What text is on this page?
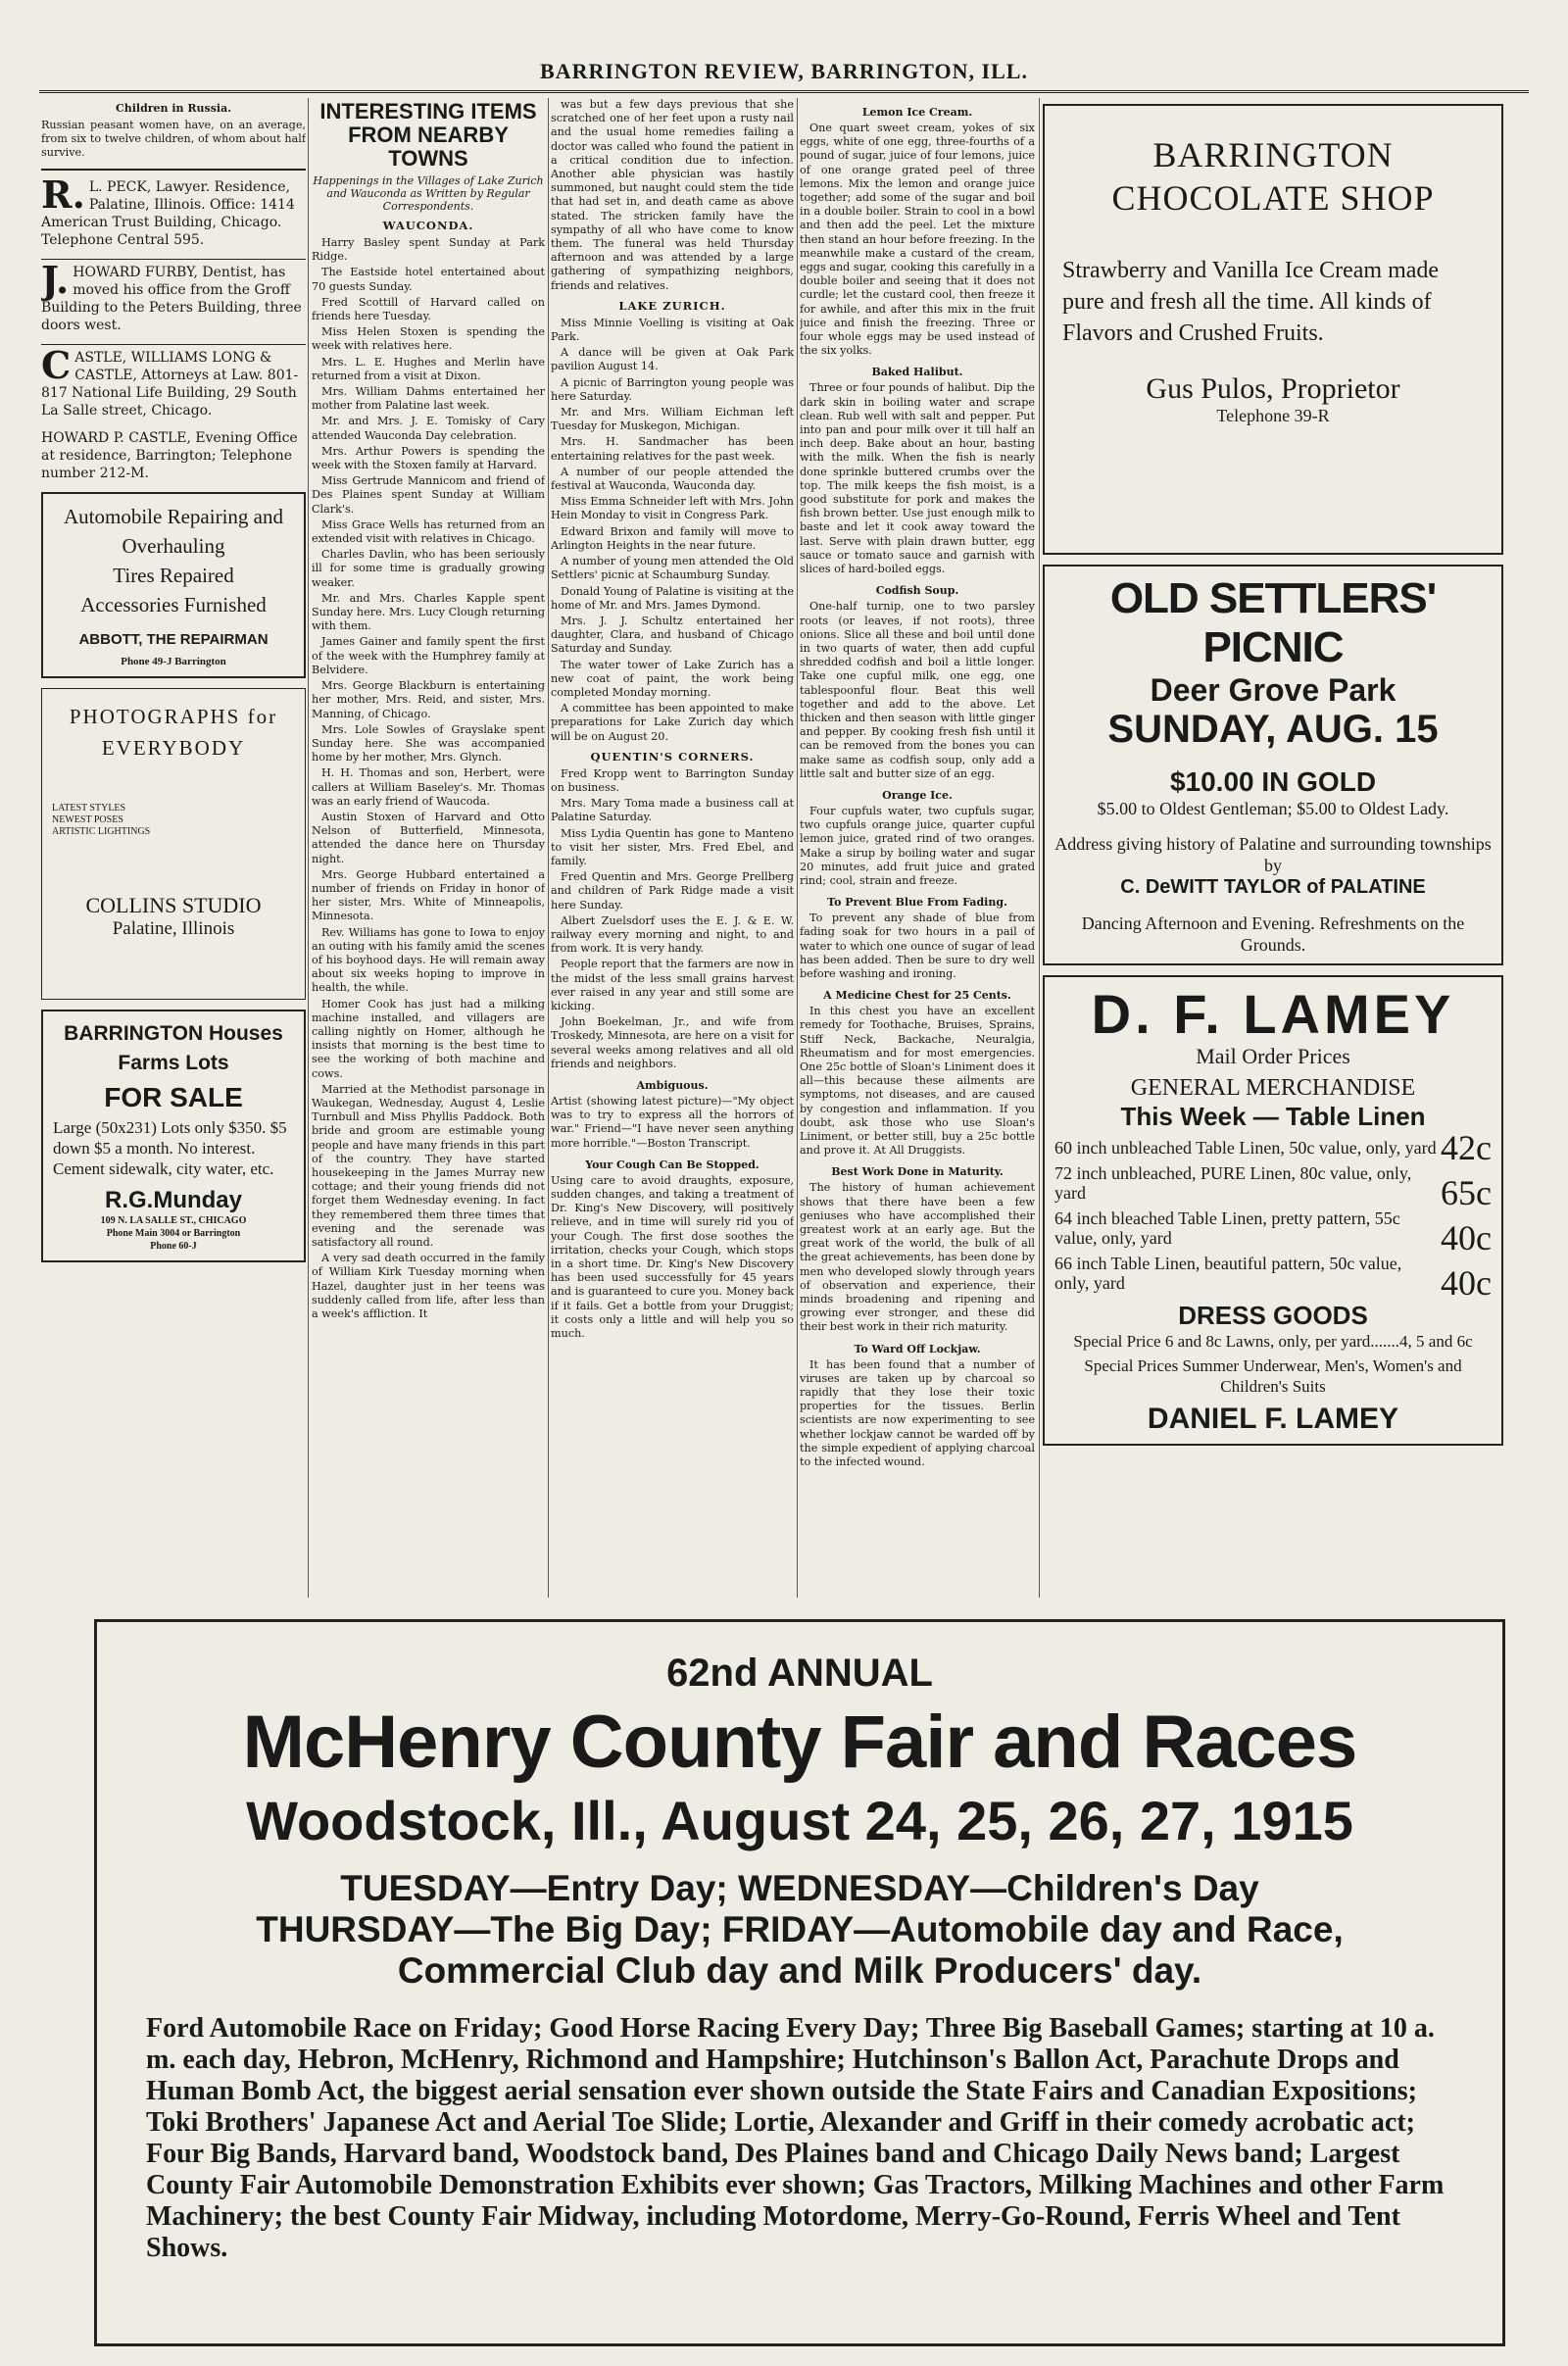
BARRINGTON REVIEW, BARRINGTON, ILL.
Children in Russia.

Russian peasant women have, on an average, from six to twelve children, of whom about half survive.

R. L. PECK, Lawyer. Residence, Palatine, Illinois. Office: 1414 American Trust Building, Chicago. Telephone Central 595.
J. HOWARD FURBY, Dentist, has moved his office from the Groff Building to the Peters Building, three doors west.
CASTLE, WILLIAMS LONG & CASTLE, Attorneys at Law. 801-817 National Life Building, 29 South La Salle street, Chicago.
HOWARD P. CASTLE, Evening Office at residence, Barrington; Telephone number 212-M.
Automobile Repairing and Overhauling
Tires Repaired
Accessories Furnished
ABBOTT, THE REPAIRMAN
Phone 49-J Barrington
PHOTOGRAPHS for EVERYBODY
LATEST STYLES
NEWEST POSES
ARTISTIC LIGHTINGS
COLLINS STUDIO
Palatine, Illinois
BARRINGTON Houses Farms Lots
FOR SALE
Large (50x231) Lots only $350. $5 down $5 a month. No interest. Cement sidewalk, city water, etc.
R.G.Munday
109 N. LA SALLE ST., CHICAGO
Phone Main 3004 or Barrington
Phone 60-J
INTERESTING ITEMS FROM NEARBY TOWNS
Happenings in the Villages of Lake Zurich and Wauconda as Written by Regular Correspondents.
WAUCONDA.

Harry Basley spent Sunday at Park Ridge.

The Eastside hotel entertained about 70 guests Sunday.

Fred Scottill of Harvard called on friends here Tuesday.

Miss Helen Stoxen is spending the week with relatives here.

Mrs. L. E. Hughes and Merlin have returned from a visit at Dixon.

Mrs. William Dahms entertained her mother from Palatine last week.

Mr. and Mrs. J. E. Tomisky of Cary attended Wauconda Day celebration.

Mrs. Arthur Powers is spending the week with the Stoxen family at Harvard.

Miss Gertrude Mannicom and friend of Des Plaines spent Sunday at William Clark's.

Miss Grace Wells has returned from an extended visit with relatives in Chicago.

Charles Davlin, who has been seriously ill for some time is gradually growing weaker.

Mr. and Mrs. Charles Kapple spent Sunday here. Mrs. Lucy Clough returning with them.

James Gainer and family spent the first of the week with the Humphrey family at Belvidere.

Mrs. George Blackburn is entertaining her mother, Mrs. Reid, and sister, Mrs. Manning, of Chicago.

Mrs. Lole Sowles of Grayslake spent Sunday here. She was accompanied home by her mother, Mrs. Glynch.

H. H. Thomas and son, Herbert, were callers at William Baseley's. Mr. Thomas was an early friend of Waucoda.

Austin Stoxen of Harvard and Otto Nelson of Butterfield, Minnesota, attended the dance here on Thursday night.

Mrs. George Hubbard entertained a number of friends on Friday in honor of her sister, Mrs. White of Minneapolis, Minnesota.

Rev. Williams has gone to Iowa to enjoy an outing with his family amid the scenes of his boyhood days. He will remain away about six weeks hoping to improve in health, the while.

Homer Cook has just had a milking machine installed, and villagers are calling nightly on Homer, although he insists that morning is the best time to see the working of both machine and cows.

Married at the Methodist parsonage in Waukegan, Wednesday, August 4, Leslie Turnbull and Miss Phyllis Paddock. Both bride and groom are estimable young people and have many friends in this part of the country. They have started housekeeping in the James Murray new cottage; and their young friends did not forget them Wednesday evening. In fact they remembered them three times that evening and the serenade was satisfactory all round.

A very sad death occurred in the family of William Kirk Tuesday morning when Hazel, daughter just in her teens was suddenly called from life, after less than a week's affliction. It

was but a few days previous that she scratched one of her feet upon a rusty nail and the usual home remedies failing a doctor was called who found the patient in a critical condition due to infection. Another able physician was hastily summoned, but naught could stem the tide that had set in, and death came as above stated. The stricken family have the sympathy of all who have come to know them. The funeral was held Thursday afternoon and was attended by a large gathering of sympathizing neighbors, friends and relatives.

LAKE ZURICH.

Miss Minnie Voelling is visiting at Oak Park.

A dance will be given at Oak Park pavilion August 14.

A picnic of Barrington young people was here Saturday.

Mr. and Mrs. William Eichman left Tuesday for Muskegon, Michigan.

Mrs. H. Sandmacher has been entertaining relatives for the past week.

A number of our people attended the festival at Wauconda, Wauconda day.

Miss Emma Schneider left with Mrs. John Hein Monday to visit in Congress Park.

Edward Brixon and family will move to Arlington Heights in the near future.

A number of young men attended the Old Settlers' picnic at Schaumburg Sunday.

Donald Young of Palatine is visiting at the home of Mr. and Mrs. James Dymond.

Mrs. J. J. Schultz entertained her daughter, Clara, and husband of Chicago Saturday and Sunday.

The water tower of Lake Zurich has a new coat of paint, the work being completed Monday morning.

A committee has been appointed to make preparations for Lake Zurich day which will be on August 20.

QUENTIN'S CORNERS.

Fred Kropp went to Barrington Sunday on business.

Mrs. Mary Toma made a business call at Palatine Saturday.

Miss Lydia Quentin has gone to Manteno to visit her sister, Mrs. Fred Ebel, and family.

Fred Quentin and Mrs. George Prellberg and children of Park Ridge made a visit here Sunday.

Albert Zuelsdorf uses the E. J. & E. W. railway every morning and night, to and from work. It is very handy.

People report that the farmers are now in the midst of the less small grains harvest ever raised in any year and still some are kicking.

John Boekelman, Jr., and wife from Troskedy, Minnesota, are here on a visit for several weeks among relatives and all old friends and neighbors.

Ambiguous.

Artist (showing latest picture)—"My object was to try to express all the horrors of war." Friend—"I have never seen anything more horrible."—Boston Transcript.

Your Cough Can Be Stopped.

Using care to avoid draughts, exposure, sudden changes, and taking a treatment of Dr. King's New Discovery, will positively relieve, and in time will surely rid you of your Cough. The first dose soothes the irritation, checks your Cough, which stops in a short time. Dr. King's New Discovery has been used successfully for 45 years and is guaranteed to cure you. Money back if it fails. Get a bottle from your Druggist; it costs only a little and will help you so much.

Lemon Ice Cream.

One quart sweet cream, yokes of six eggs, white of one egg, three-fourths of a pound of sugar, juice of four lemons, juice of one orange grated peel of three lemons. Mix the lemon and orange juice together; add some of the sugar and boil in a double boiler. Strain to cool in a bowl and then add the peel. Let the mixture then stand an hour before freezing. In the meanwhile make a custard of the cream, eggs and sugar, cooking this carefully in a double boiler and seeing that it does not curdle; let the custard cool, then freeze it for awhile, and after this mix in the fruit juice and finish the freezing. Three or four whole eggs may be used instead of the six yolks.

Baked Halibut.

Three or four pounds of halibut. Dip the dark skin in boiling water and scrape clean. Rub well with salt and pepper. Put into pan and pour milk over it till half an inch deep. Bake about an hour, basting with the milk. When the fish is nearly done sprinkle buttered crumbs over the top. The milk keeps the fish moist, is a good substitute for pork and makes the fish brown better. Use just enough milk to baste and let it cook away toward the last. Serve with plain drawn butter, egg sauce or tomato sauce and garnish with slices of hard-boiled eggs.

Codfish Soup.

One-half turnip, one to two parsley roots (or leaves, if not roots), three onions. Slice all these and boil until done in two quarts of water, then add cupful shredded codfish and boil a little longer. Take one cupful milk, one egg, one tablespoonful flour. Beat this well together and add to the above. Let thicken and then season with little ginger and pepper. By cooking fresh fish until it can be removed from the bones you can make same as codfish soup, only add a little salt and butter size of an egg.

Orange Ice.

Four cupfuls water, two cupfuls sugar, two cupfuls orange juice, quarter cupful lemon juice, grated rind of two oranges. Make a sirup by boiling water and sugar 20 minutes, add fruit juice and grated rind; cool, strain and freeze.

To Prevent Blue From Fading.

To prevent any shade of blue from fading soak for two hours in a pail of water to which one ounce of sugar of lead has been added. Then be sure to dry well before washing and ironing.

A Medicine Chest for 25 Cents.

In this chest you have an excellent remedy for Toothache, Bruises, Sprains, Stiff Neck, Backache, Neuralgia, Rheumatism and for most emergencies. One 25c bottle of Sloan's Liniment does it all—this because these ailments are symptoms, not diseases, and are caused by congestion and inflammation. If you doubt, ask those who use Sloan's Liniment, or better still, buy a 25c bottle and prove it. At All Druggists.

Best Work Done in Maturity.

The history of human achievement shows that there have been a few geniuses who have accomplished their greatest work at an early age. But the great work of the world, the bulk of all the great achievements, has been done by men who developed slowly through years of observation and experience, their minds broadening and ripening and growing ever stronger, and these did their best work in their rich maturity.

To Ward Off Lockjaw.

It has been found that a number of viruses are taken up by charcoal so rapidly that they lose their toxic properties for the tissues. Berlin scientists are now experimenting to see whether lockjaw cannot be warded off by the simple expedient of applying charcoal to the infected wound.

BARRINGTON
CHOCOLATE SHOP
Strawberry and Vanilla Ice Cream made pure and fresh all the time. All kinds of Flavors and Crushed Fruits.
Gus Pulos, Proprietor
Telephone 39-R
OLD SETTLERS' PICNIC
Deer Grove Park
SUNDAY, AUG. 15
$10.00 IN GOLD
$5.00 to Oldest Gentleman; $5.00 to Oldest Lady.
Address giving history of Palatine and surrounding townships by
C. DeWITT TAYLOR of PALATINE
Dancing Afternoon and Evening. Refreshments on the Grounds.
D. F. LAMEY
Mail Order Prices
GENERAL MERCHANDISE
This Week — Table Linen
60 inch unbleached Table Linen, 50c value, only, yard 42c
72 inch unbleached, PURE Linen, 80c value, only, yard	65c
64 inch bleached Table Linen, pretty pattern, 55c value, only, yard	40c
66 inch Table Linen, beautiful pattern, 50c value, only, yard	40c
DRESS GOODS
Special Price 6 and 8c Lawns, only, per yard.......4, 5 and 6c
Special Prices Summer Underwear, Men's, Women's and Children's Suits
DANIEL F. LAMEY
62nd ANNUAL
McHenry County Fair and Races
Woodstock, Ill., August 24, 25, 26, 27, 1915
TUESDAY—Entry Day; WEDNESDAY—Children's Day
THURSDAY—The Big Day; FRIDAY—Automobile day and Race,
Commercial Club day and Milk Producers' day.
Ford Automobile Race on Friday; Good Horse Racing Every Day; Three Big Baseball Games; starting at 10 a. m. each day, Hebron, McHenry, Richmond and Hampshire; Hutchinson's Ballon Act, Parachute Drops and Human Bomb Act, the biggest aerial sensation ever shown outside the State Fairs and Canadian Expositions; Toki Brothers' Japanese Act and Aerial Toe Slide; Lortie, Alexander and Griff in their comedy acrobatic act; Four Big Bands, Harvard band, Woodstock band, Des Plaines band and Chicago Daily News band; Largest County Fair Automobile Demonstration Exhibits ever shown; Gas Tractors, Milking Machines and other Farm Machinery; the best County Fair Midway, including Motordome, Merry-Go-Round, Ferris Wheel and Tent Shows.
